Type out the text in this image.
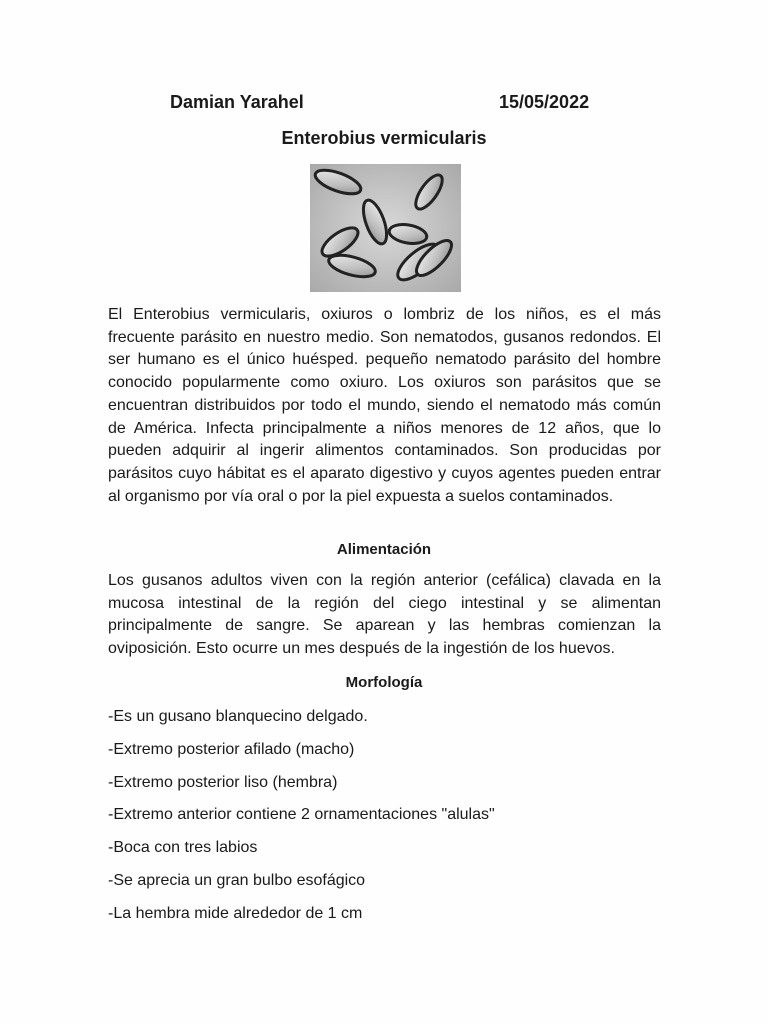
Damian Yarahel	15/05/2022
Enterobius vermicularis

El Enterobius vermicularis, oxiuros o lombriz de los niños, es el más frecuente parásito en nuestro medio. Son nematodos, gusanos redondos. El ser humano es el único huésped. pequeño nematodo parásito del hombre conocido popularmente como oxiuro. Los oxiuros son parásitos que se encuentran distribuidos por todo el mundo, siendo el nematodo más común de América. Infecta principalmente a niños menores de 12 años, que lo pueden adquirir al ingerir alimentos contaminados. Son producidas por parásitos cuyo hábitat es el aparato digestivo y cuyos agentes pueden entrar al organismo por vía oral o por la piel expuesta a suelos contaminados.

Alimentación

Los gusanos adultos viven con la región anterior (cefálica) clavada en la mucosa intestinal de la región del ciego intestinal y se alimentan principalmente de sangre. Se aparean y las hembras comienzan la oviposición. Esto ocurre un mes después de la ingestión de los huevos.

Morfología
-Es un gusano blanquecino delgado.
-Extremo posterior afilado (macho)
-Extremo posterior liso (hembra)
-Extremo anterior contiene 2 ornamentaciones "alulas"
-Boca con tres labios
-Se aprecia un gran bulbo esofágico
-La hembra mide alrededor de 1 cm
